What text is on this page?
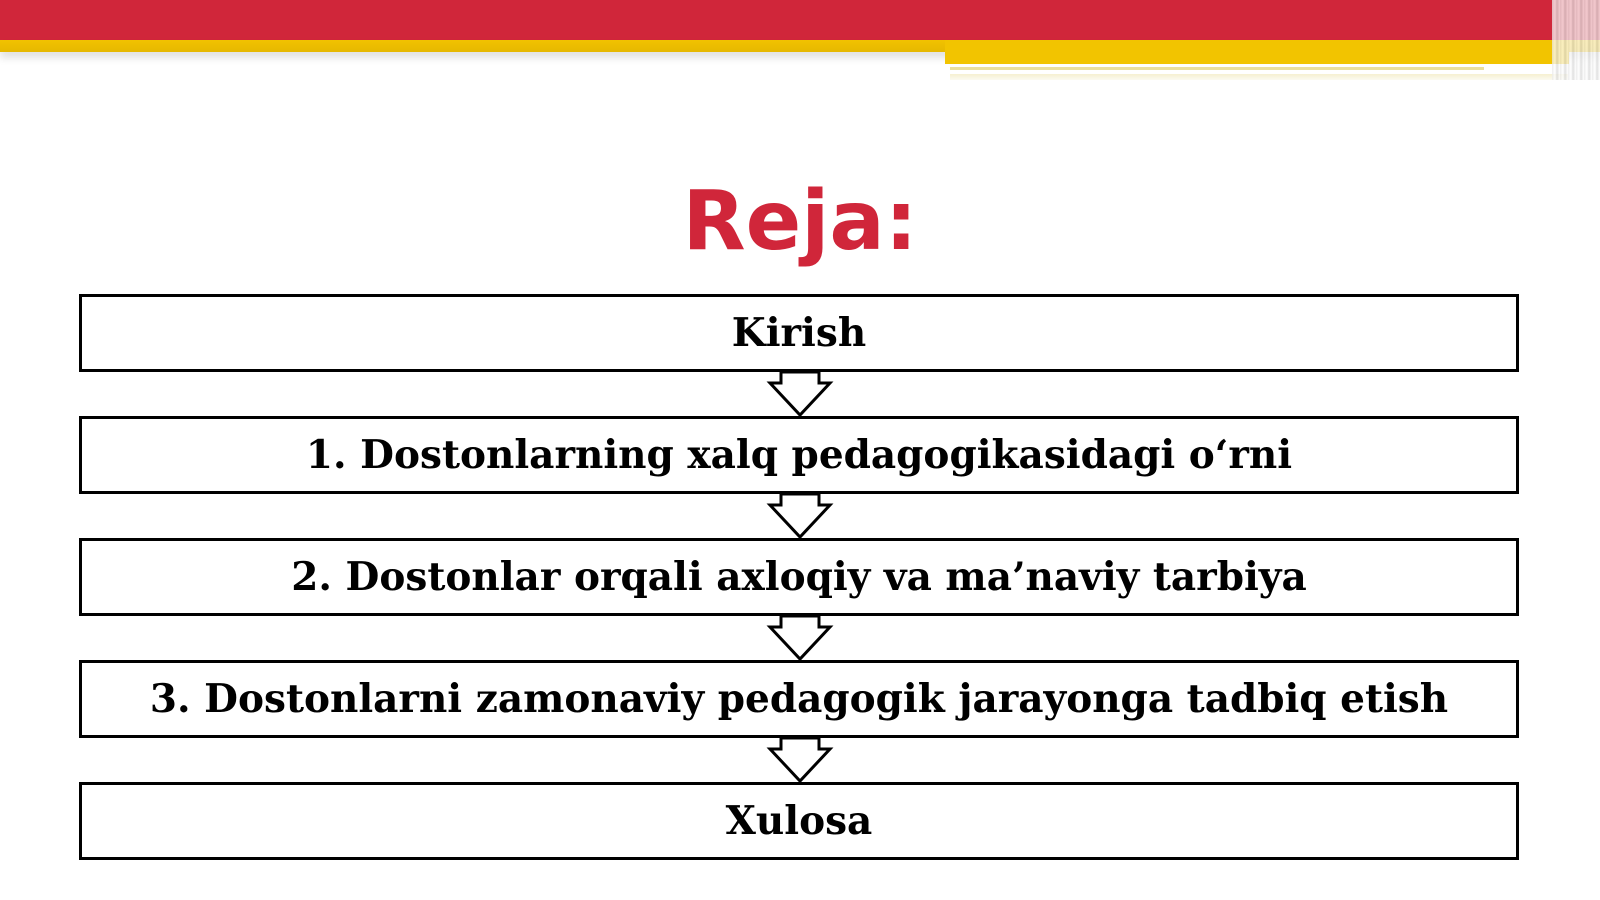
Reja:
Kirish
1. Dostonlarning xalq pedagogikasidagi o‘rni
2. Dostonlar orqali axloqiy va ma’naviy tarbiya
3. Dostonlarni zamonaviy pedagogik jarayonga tadbiq etish
Xulosa
